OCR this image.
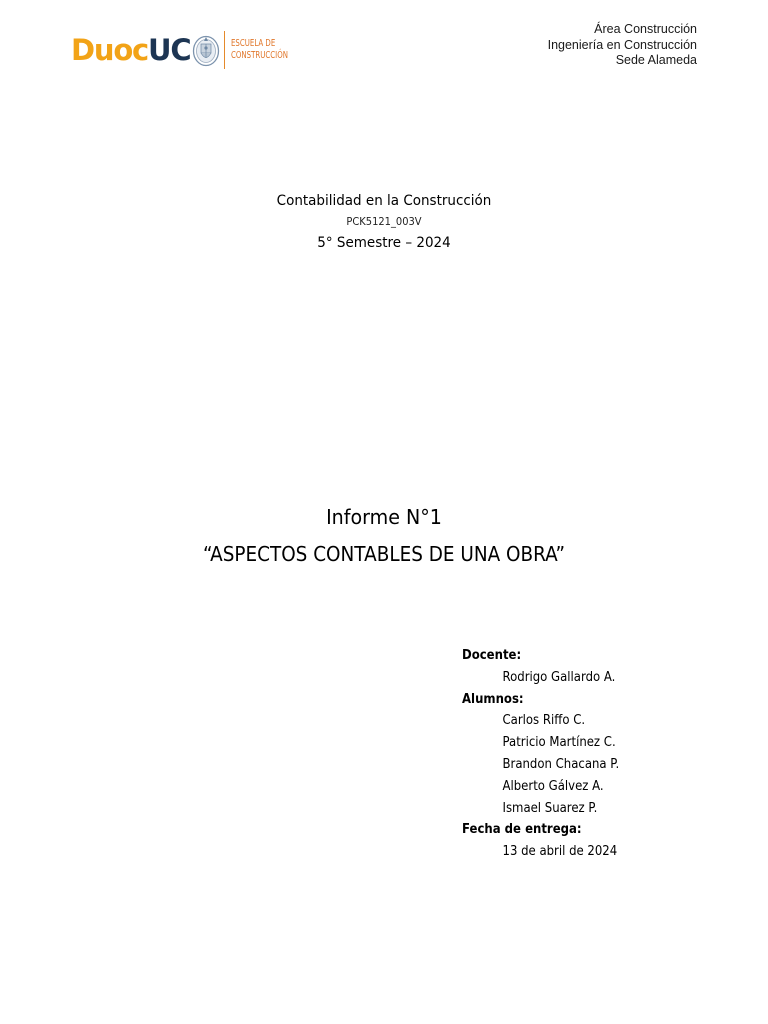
DuocUC	ESCUELA DE
CONSTRUCCIÓN
Área Construcción
Ingeniería en Construcción
Sede Alameda
Contabilidad en la Construcción
PCK5121_003V
5° Semestre – 2024
Informe N°1
“ASPECTOS CONTABLES DE UNA OBRA”
Docente:
Rodrigo Gallardo A.
Alumnos:
Carlos Riffo C.
Patricio Martínez C.
Brandon Chacana P.
Alberto Gálvez A.
Ismael Suarez P.
Fecha de entrega:
13 de abril de 2024
